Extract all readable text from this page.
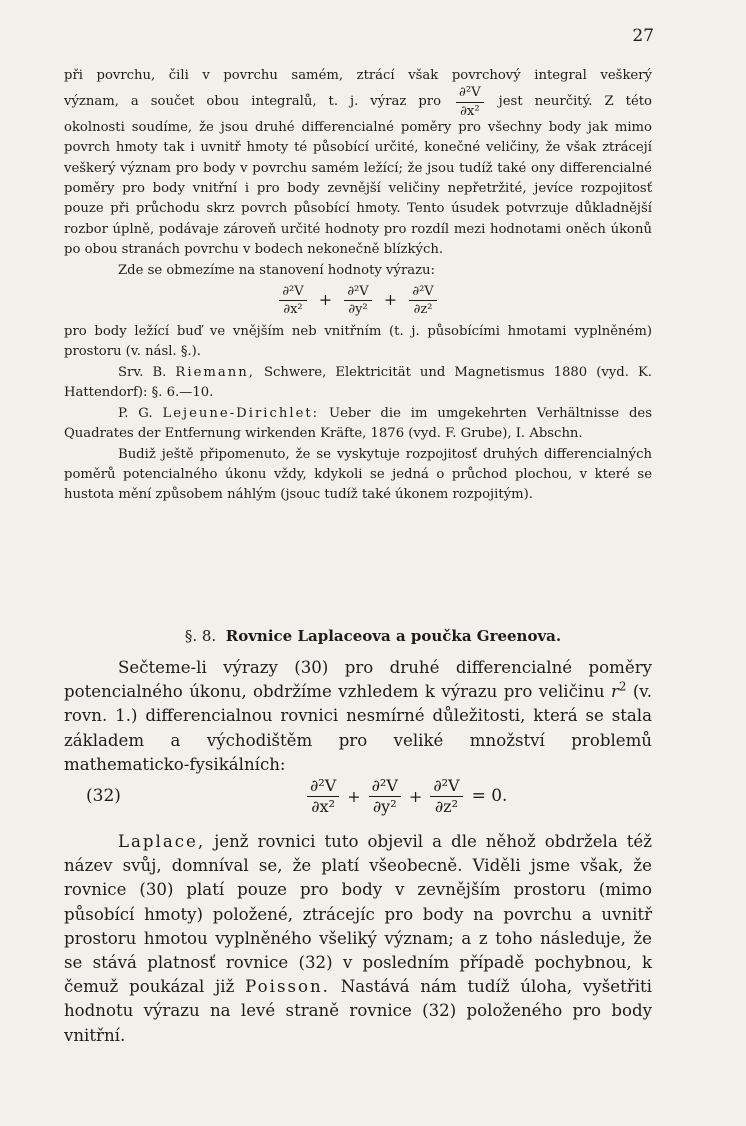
27

při povrchu, čili v povrchu samém, ztrácí však povrchový integral veškerý

význam, a součet obou integralů, t. j. výraz pro $\frac{\text{∂²V}}{\text{∂x²}}$ jest neurčitý. Z této

okolnosti soudíme, že jsou druhé differencialné poměry pro všechny body jak mimo povrch hmoty tak i uvnitř hmoty té působící určité, konečné veličiny, že však ztrácejí veškerý význam pro body v povrchu samém ležící; že jsou tudíž také ony differencialné poměry pro body vnitřní i pro body zevnější veličiny nepřetržité, jevíce rozpojitosť pouze při průchodu skrz povrch působící hmoty. Tento úsudek potvrzuje důkladnější rozbor úplně, podávaje zároveň určité hodnoty pro rozdíl mezi hodnotami oněch úkonů po obou stranách povrchu v bodech nekonečně blízkých.

Zde se obmezíme na stanovení hodnoty výrazu:

$\frac{\text{∂²V}}{\text{∂x²}} + \frac{\text{∂²V}}{\text{∂y²}} + \frac{\text{∂²V}}{\text{∂z²}}$

pro body ležící buď ve vnějším neb vnitřním (t. j. působícími hmotami vyplněném) prostoru (v. násl. §.).

Srv. B. Riemann, Schwere, Elektricität und Magnetismus 1880 (vyd. K. Hattendorf): §. 6.—10.

P. G. Lejeune-Dirichlet: Ueber die im umgekehrten Verhältnisse des Quadrates der Entfernung wirkenden Kräfte, 1876 (vyd. F. Grube), I. Abschn.

Budiž ještě připomenuto, že se vyskytuje rozpojitosť druhých differencialných poměrů potencialného úkonu vždy, kdykoli se jedná o průchod plochou, v které se hustota mění způsobem náhlým (jsouc tudíž také úkonem rozpojitým).

§. 8. Rovnice Laplaceova a poučka Greenova.

Sečteme-li výrazy (30) pro druhé differencialné poměry potencialného úkonu, obdržíme vzhledem k výrazu pro veličinu $r^2$ (v. rovn. 1.) differencialnou rovnici nesmírné důležitosti, která se stala základem a východištěm pro veliké množství problemů mathematicko-fysikálních:

(32)	$\frac{\text{∂²V}}{\text{∂x²}} + \frac{\text{∂²V}}{\text{∂y²}} + \frac{\text{∂²V}}{\text{∂z²}} = 0$.

Laplace, jenž rovnici tuto objevil a dle něhož obdržela též název svůj, domníval se, že platí všeobecně. Viděli jsme však, že rovnice (30) platí pouze pro body v zevnějším prostoru (mimo působící hmoty) položené, ztrácejíc pro body na povrchu a uvnitř prostoru hmotou vyplněného všeliký význam; a z toho následuje, že se stává platnosť rovnice (32) v posledním případě pochybnou, k čemuž poukázal již Poisson. Nastává nám tudíž úloha, vyšetřiti hodnotu výrazu na levé straně rovnice (32) položeného pro body vnitřní.
